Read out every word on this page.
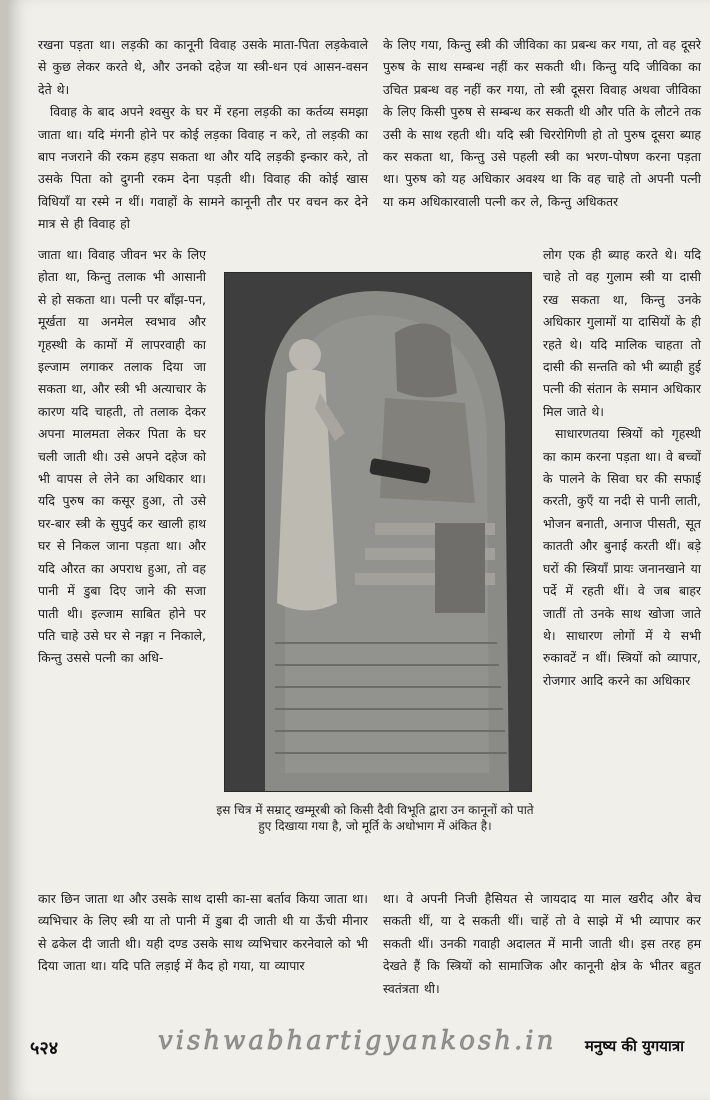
रखना पड़ता था। लड़की का कानूनी विवाह उसके माता-पिता लड़केवाले से कुछ लेकर करते थे, और उनको दहेज या स्त्री-धन एवं आसन-वसन देते थे।

विवाह के बाद अपने श्वसुर के घर में रहना लड़की का कर्तव्य समझा जाता था। यदि मंगनी होने पर कोई लड़का विवाह न करे, तो लड़की का बाप नजराने की रकम हड़प सकता था और यदि लड़की इन्कार करे, तो उसके पिता को दुगनी रकम देना पड़ती थी। विवाह की कोई खास विधियाँ या रस्मे न थीं। गवाहों के सामने कानूनी तौर पर वचन कर देने मात्र से ही विवाह हो

के लिए गया, किन्तु स्त्री की जीविका का प्रबन्ध कर गया, तो वह दूसरे पुरुष के साथ सम्बन्ध नहीं कर सकती थी। किन्तु यदि जीविका का उचित प्रबन्ध वह नहीं कर गया, तो स्त्री दूसरा विवाह अथवा जीविका के लिए किसी पुरुष से सम्बन्ध कर सकती थी और पति के लौटने तक उसी के साथ रहती थी। यदि स्त्री चिररोगिणी हो तो पुरुष दूसरा ब्याह कर सकता था, किन्तु उसे पहली स्त्री का भरण-पोषण करना पड़ता था। पुरुष को यह अधिकार अवश्य था कि वह चाहे तो अपनी पत्नी या कम अधिकारवाली पत्नी कर ले, किन्तु अधिकतर

जाता था। विवाह जीवन भर के लिए होता था, किन्तु तलाक भी आसानी से हो सकता था। पत्नी पर बाँझ-पन, मूर्खता या अनमेल स्वभाव और गृहस्थी के कामों में लापरवाही का इल्जाम लगाकर तलाक दिया जा सकता था, और स्त्री भी अत्याचार के कारण यदि चाहती, तो तलाक देकर अपना मालमता लेकर पिता के घर चली जाती थी। उसे अपने दहेज को भी वापस ले लेने का अधिकार था। यदि पुरुष का कसूर हुआ, तो उसे घर-बार स्त्री के सुपुर्द कर खाली हाथ घर से निकल जाना पड़ता था। और यदि औरत का अपराध हुआ, तो वह पानी में डुबा दिए जाने की सजा पाती थी। इल्जाम साबित होने पर पति चाहे उसे घर से नङ्गा न निकाले, किन्तु उससे पत्नी का अधि-

लोग एक ही ब्याह करते थे। यदि चाहे तो वह गुलाम स्त्री या दासी रख सकता था, किन्तु उनके अधिकार गुलामों या दासियों के ही रहते थे। यदि मालिक चाहता तो दासी की सन्तति को भी ब्याही हुई पत्नी की संतान के समान अधिकार मिल जाते थे।

साधारणतया स्त्रियों को गृहस्थी का काम करना पड़ता था। वे बच्चों के पालने के सिवा घर की सफाई करती, कुएँ या नदी से पानी लाती, भोजन बनाती, अनाज पीसती, सूत कातती और बुनाई करती थीं। बड़े घरों की स्त्रियाँ प्रायः जनानखाने या पर्दे में रहती थीं। वे जब बाहर जातीं तो उनके साथ खोजा जाते थे। साधारण लोगों में ये सभी रुकावटें न थीं। स्त्रियों को व्यापार, रोजगार आदि करने का अधिकार

इस चित्र में सम्राट् खम्मूरबी को किसी दैवी विभूति द्वारा उन कानूनों को पाते हुए दिखाया गया है, जो मूर्ति के अधोभाग में अंकित है।

कार छिन जाता था और उसके साथ दासी का-सा बर्ताव किया जाता था। व्यभिचार के लिए स्त्री या तो पानी में डुबा दी जाती थी या ऊँची मीनार से ढकेल दी जाती थी। यही दण्ड उसके साथ व्यभिचार करनेवाले को भी दिया जाता था। यदि पति लड़ाई में कैद हो गया, या व्यापार

था। वे अपनी निजी हैसियत से जायदाद या माल खरीद और बेच सकती थीं, या दे सकती थीं। चाहें तो वे साझे में भी व्यापार कर सकती थीं। उनकी गवाही अदालत में मानी जाती थी। इस तरह हम देखते हैं कि स्त्रियों को सामाजिक और कानूनी क्षेत्र के भीतर बहुत स्वतंत्रता थी।

५२४	vishwabhartigyankosh.in मनुष्य की युगयात्रा
